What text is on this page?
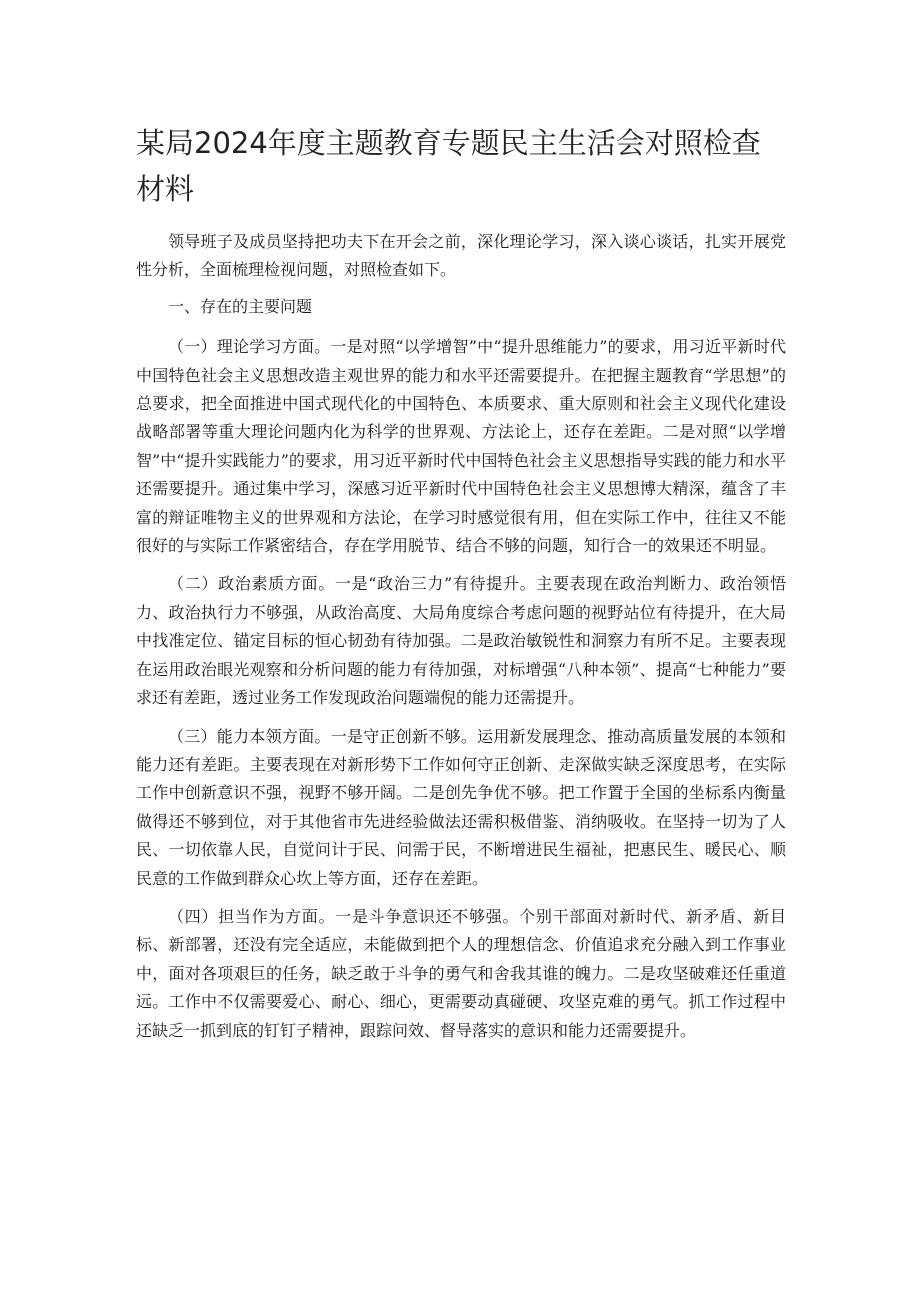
某局2024年度主题教育专题民主生活会对照检查材料

领导班子及成员坚持把功夫下在开会之前，深化理论学习，深入谈心谈话，扎实开展党性分析，全面梳理检视问题，对照检查如下。

一、存在的主要问题

（一）理论学习方面。一是对照“以学增智”中“提升思维能力”的要求，用习近平新时代中国特色社会主义思想改造主观世界的能力和水平还需要提升。在把握主题教育“学思想”的总要求，把全面推进中国式现代化的中国特色、本质要求、重大原则和社会主义现代化建设战略部署等重大理论问题内化为科学的世界观、方法论上，还存在差距。二是对照“以学增智”中“提升实践能力”的要求，用习近平新时代中国特色社会主义思想指导实践的能力和水平还需要提升。通过集中学习，深感习近平新时代中国特色社会主义思想博大精深，蕴含了丰富的辩证唯物主义的世界观和方法论，在学习时感觉很有用，但在实际工作中，往往又不能很好的与实际工作紧密结合，存在学用脱节、结合不够的问题，知行合一的效果还不明显。

（二）政治素质方面。一是“政治三力”有待提升。主要表现在政治判断力、政治领悟力、政治执行力不够强，从政治高度、大局角度综合考虑问题的视野站位有待提升，在大局中找准定位、锚定目标的恒心韧劲有待加强。二是政治敏锐性和洞察力有所不足。主要表现在运用政治眼光观察和分析问题的能力有待加强，对标增强“八种本领”、提高“七种能力”要求还有差距，透过业务工作发现政治问题端倪的能力还需提升。

（三）能力本领方面。一是守正创新不够。运用新发展理念、推动高质量发展的本领和能力还有差距。主要表现在对新形势下工作如何守正创新、走深做实缺乏深度思考，在实际工作中创新意识不强，视野不够开阔。二是创先争优不够。把工作置于全国的坐标系内衡量做得还不够到位，对于其他省市先进经验做法还需积极借鉴、消纳吸收。在坚持一切为了人民、一切依靠人民，自觉问计于民、问需于民，不断增进民生福祉，把惠民生、暖民心、顺民意的工作做到群众心坎上等方面，还存在差距。

（四）担当作为方面。一是斗争意识还不够强。个别干部面对新时代、新矛盾、新目标、新部署，还没有完全适应，未能做到把个人的理想信念、价值追求充分融入到工作事业中，面对各项艰巨的任务，缺乏敢于斗争的勇气和舍我其谁的魄力。二是攻坚破难还任重道远。工作中不仅需要爱心、耐心、细心，更需要动真碰硬、攻坚克难的勇气。抓工作过程中还缺乏一抓到底的钉钉子精神，跟踪问效、督导落实的意识和能力还需要提升。
